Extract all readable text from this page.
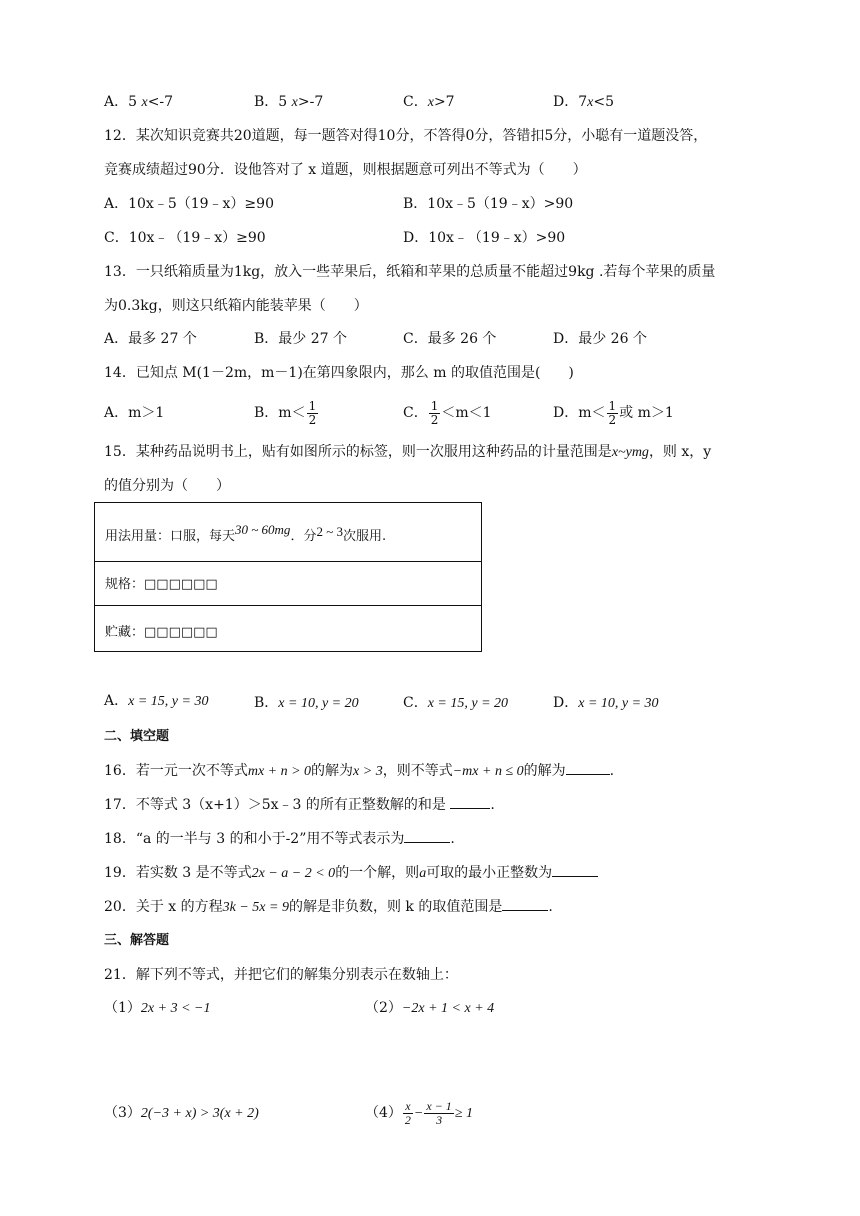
A．5 x<-7	B．5 x>-7	C．x>7	D．7x<5
12．某次知识竞赛共20道题，每一题答对得10分，不答得0分，答错扣5分，小聪有一道题没答，
竞赛成绩超过90分．设他答对了 x 道题，则根据题意可列出不等式为（　　）
A．10x﹣5（19﹣x）≥90	B．10x﹣5（19﹣x）>90
C．10x﹣（19﹣x）≥90	D．10x﹣（19﹣x）>90
13．一只纸箱质量为1kg，放入一些苹果后，纸箱和苹果的总质量不能超过9kg .若每个苹果的质量
为0.3kg，则这只纸箱内能装苹果（　　）
A．最多 27 个	B．最少 27 个	C．最多 26 个	D．最少 26 个
14．已知点 M(1－2m，m－1)在第四象限内，那么 m 的取值范围是(　　)
A．m＞1	B．$m< \frac{1}{2}$	C． $\frac{1}{2} <m<1$	D．$m< \frac{1}{2}$ 或 m＞1
15．某种药品说明书上，贴有如图所示的标签，则一次服用这种药品的计量范围是x~ymg，则 x，y
的值分别为（　　）
用法用量：口服，每天30 ~ 60mg．分2 ~ 3次服用.
规格：□□□□□□
贮藏：□□□□□□
A．x = 15, y = 30	B．x = 10, y = 20	C．x = 15, y = 20	D．x = 10, y = 30
二、填空题
16．若一元一次不等式mx + n > 0的解为x > 3，则不等式−mx + n ≤ 0的解为	.
17．不等式 3（x+1）＞5x﹣3 的所有正整数解的和是	.
18．“a 的一半与 3 的和小于-2”用不等式表示为	.
19．若实数 3 是不等式2x − a − 2 < 0的一个解，则a可取的最小正整数为
20．关于 x 的方程3k − 5x = 9的解是非负数，则 k 的取值范围是	.
三、解答题
21．解下列不等式，并把它们的解集分别表示在数轴上：
（1）2x + 3 < −1	（2）−2x + 1 < x + 4
（3）2(−3 + x) > 3(x + 2)	$(4) \frac{x}{2} - \frac{x - 1}{3} \ge 1$
